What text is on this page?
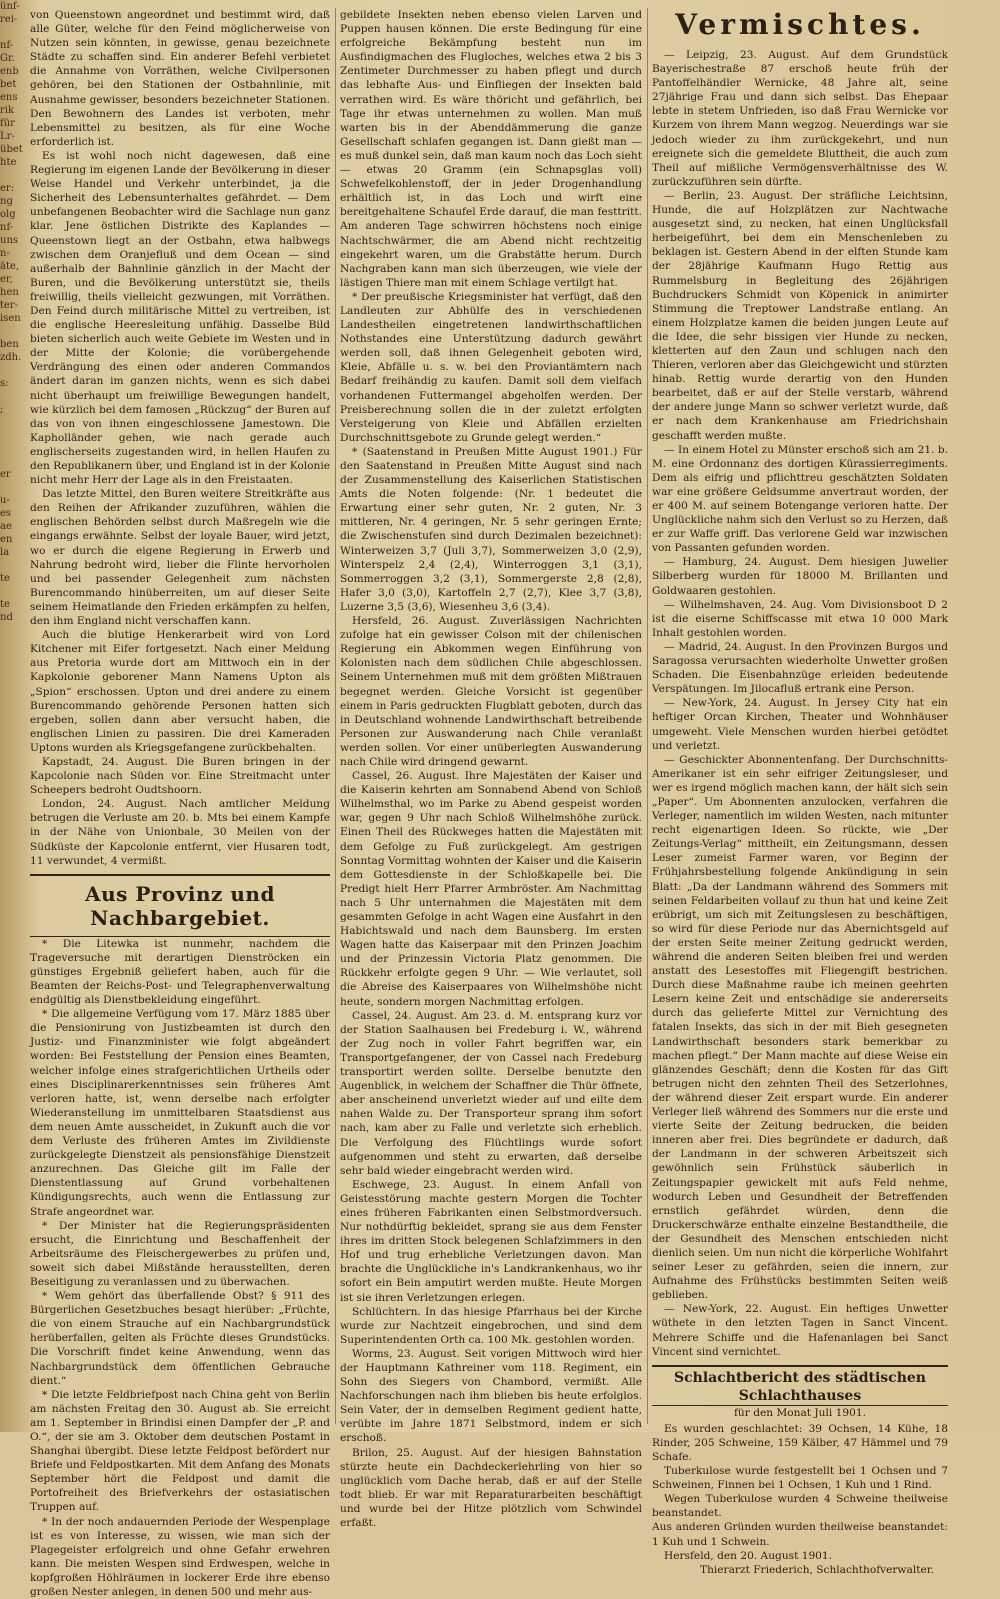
ünf-
rei-

nf-
Gr.
enb
bet
ens
rik
für
Lr-
übet
hte

er:
ng
olg
nf-
uns
n-
äte,
er,
hen
ter-
isen

ben
zdh.

s:

;

er

u-
es
ae
en
la

te

te
nd

von Queenstown angeordnet und bestimmt wird, daß alle Güter, welche für den Feind möglicherweise von Nutzen sein könnten, in gewisse, genau bezeichnete Städte zu schaffen sind. Ein anderer Befehl verbietet die Annahme von Vorräthen, welche Civilpersonen gehören, bei den Stationen der Ostbahnlinie, mit Ausnahme gewisser, besonders bezeichneter Stationen. Den Bewohnern des Landes ist verboten, mehr Lebensmittel zu besitzen, als für eine Woche erforderlich ist.

Es ist wohl noch nicht dagewesen, daß eine Regierung im eigenen Lande der Bevölkerung in dieser Weise Handel und Verkehr unterbindet, ja die Sicherheit des Lebensunterhaltes gefährdet. — Dem unbefangenen Beobachter wird die Sachlage nun ganz klar. Jene östlichen Distrikte des Kaplandes — Queenstown liegt an der Ostbahn, etwa halbwegs zwischen dem Oranjefluß und dem Ocean — sind außerhalb der Bahnlinie gänzlich in der Macht der Buren, und die Bevölkerung unterstützt sie, theils freiwillig, theils vielleicht gezwungen, mit Vorräthen. Den Feind durch militärische Mittel zu vertreiben, ist die englische Heeresleitung unfähig. Dasselbe Bild bieten sicherlich auch weite Gebiete im Westen und in der Mitte der Kolonie; die vorübergehende Verdrängung des einen oder anderen Commandos ändert daran im ganzen nichts, wenn es sich dabei nicht überhaupt um freiwillige Bewegungen handelt, wie kürzlich bei dem famosen „Rückzug“ der Buren auf das von von ihnen eingeschlossene Jamestown. Die Kapholländer gehen, wie nach gerade auch englischerseits zugestanden wird, in hellen Haufen zu den Republikanern über, und England ist in der Kolonie nicht mehr Herr der Lage als in den Freistaaten.

Das letzte Mittel, den Buren weitere Streitkräfte aus den Reihen der Afrikander zuzuführen, wählen die englischen Behörden selbst durch Maßregeln wie die eingangs erwähnte. Selbst der loyale Bauer, wird jetzt, wo er durch die eigene Regierung in Erwerb und Nahrung bedroht wird, lieber die Flinte hervorholen und bei passender Gelegenheit zum nächsten Burencommando hinüberreiten, um auf dieser Seite seinem Heimatlande den Frieden erkämpfen zu helfen, den ihm England nicht verschaffen kann.

Auch die blutige Henkerarbeit wird von Lord Kitchener mit Eifer fortgesetzt. Nach einer Meldung aus Pretoria wurde dort am Mittwoch ein in der Kapkolonie geborener Mann Namens Upton als „Spion“ erschossen. Upton und drei andere zu einem Burencommando gehörende Personen hatten sich ergeben, sollen dann aber versucht haben, die englischen Linien zu passiren. Die drei Kameraden Uptons wurden als Kriegsgefangene zurückbehalten.

Kapstadt, 24. August. Die Buren bringen in der Kapcolonie nach Süden vor. Eine Streitmacht unter Scheepers bedroht Oudtshoorn.

London, 24. August. Nach amtlicher Meldung betrugen die Verluste am 20. b. Mts bei einem Kampfe in der Nähe von Unionbale, 30 Meilen von der Südküste der Kapcolonie entfernt, vier Husaren todt, 11 verwundet, 4 vermißt.

Aus Provinz und Nachbargebiet.

* Die Litewka ist nunmehr, nachdem die Trageversuche mit derartigen Dienströcken ein günstiges Ergebniß geliefert haben, auch für die Beamten der Reichs-Post- und Telegraphenverwaltung endgültig als Dienstbekleidung eingeführt.

* Die allgemeine Verfügung vom 17. März 1885 über die Pensionirung von Justizbeamten ist durch den Justiz- und Finanzminister wie folgt abgeändert worden: Bei Feststellung der Pension eines Beamten, welcher infolge eines strafgerichtlichen Urtheils oder eines Disciplinarerkenntnisses sein früheres Amt verloren hatte, ist, wenn derselbe nach erfolgter Wiederanstellung im unmittelbaren Staatsdienst aus dem neuen Amte ausscheidet, in Zukunft auch die vor dem Verluste des früheren Amtes im Zivildienste zurückgelegte Dienstzeit als pensionsfähige Dienstzeit anzurechnen. Das Gleiche gilt im Falle der Dienstentlassung auf Grund vorbehaltenen Kündigungsrechts, auch wenn die Entlassung zur Strafe angeordnet war.

* Der Minister hat die Regierungspräsidenten ersucht, die Einrichtung und Beschaffenheit der Arbeitsräume des Fleischergewerbes zu prüfen und, soweit sich dabei Mißstände herausstellten, deren Beseitigung zu veranlassen und zu überwachen.

* Wem gehört das überfallende Obst? § 911 des Bürgerlichen Gesetzbuches besagt hierüber: „Früchte, die von einem Strauche auf ein Nachbargrundstück herüberfallen, gelten als Früchte dieses Grundstücks. Die Vorschrift findet keine Anwendung, wenn das Nachbargrundstück dem öffentlichen Gebrauche dient.“

* Die letzte Feldbriefpost nach China geht von Berlin am nächsten Freitag den 30. August ab. Sie erreicht am 1. September in Brindisi einen Dampfer der „P. and O.“, der sie am 3. Oktober dem deutschen Postamt in Shanghai übergibt. Diese letzte Feldpost befördert nur Briefe und Feldpostkarten. Mit dem Anfang des Monats September hört die Feldpost und damit die Portofreiheit des Briefverkehrs der ostasiatischen Truppen auf.

* In der noch andauernden Periode der Wespenplage ist es von Interesse, zu wissen, wie man sich der Plagegeister erfolgreich und ohne Gefahr erwehren kann. Die meisten Wespen sind Erdwespen, welche in kopfgroßen Höhlräumen in lockerer Erde ihre ebenso großen Nester anlegen, in denen 500 und mehr aus-

gebildete Insekten neben ebenso vielen Larven und Puppen hausen können. Die erste Bedingung für eine erfolgreiche Bekämpfung besteht nun im Ausfindigmachen des Flugloches, welches etwa 2 bis 3 Zentimeter Durchmesser zu haben pflegt und durch das lebhafte Aus- und Einfliegen der Insekten bald verrathen wird. Es wäre thöricht und gefährlich, bei Tage ihr etwas unternehmen zu wollen. Man muß warten bis in der Abenddämmerung die ganze Gesellschaft schlafen gegangen ist. Dann gießt man — es muß dunkel sein, daß man kaum noch das Loch sieht — etwas 20 Gramm (ein Schnapsglas voll) Schwefelkohlenstoff, der in jeder Drogenhandlung erhältlich ist, in das Loch und wirft eine bereitgehaltene Schaufel Erde darauf, die man festtritt. Am anderen Tage schwirren höchstens noch einige Nachtschwärmer, die am Abend nicht rechtzeitig eingekehrt waren, um die Grabstätte herum. Durch Nachgraben kann man sich überzeugen, wie viele der lästigen Thiere man mit einem Schlage vertilgt hat.

* Der preußische Kriegsminister hat verfügt, daß den Landleuten zur Abhülfe des in verschiedenen Landestheilen eingetretenen landwirthschaftlichen Nothstandes eine Unterstützung dadurch gewährt werden soll, daß ihnen Gelegenheit geboten wird, Kleie, Abfälle u. s. w. bei den Proviantämtern nach Bedarf freihändig zu kaufen. Damit soll dem vielfach vorhandenen Futtermangel abgeholfen werden. Der Preisberechnung sollen die in der zuletzt erfolgten Versteigerung von Kleie und Abfällen erzielten Durchschnittsgebote zu Grunde gelegt werden.“

* (Saatenstand in Preußen Mitte August 1901.) Für den Saatenstand in Preußen Mitte August sind nach der Zusammenstellung des Kaiserlichen Statistischen Amts die Noten folgende: (Nr. 1 bedeutet die Erwartung einer sehr guten, Nr. 2 guten, Nr. 3 mittleren, Nr. 4 geringen, Nr. 5 sehr geringen Ernte; die Zwischenstufen sind durch Dezimalen bezeichnet): Winterweizen 3,7 (Juli 3,7), Sommerweizen 3,0 (2,9), Winterspelz 2,4 (2,4), Winterroggen 3,1 (3,1), Sommerroggen 3,2 (3,1), Sommergerste 2,8 (2,8), Hafer 3,0 (3,0), Kartoffeln 2,7 (2,7), Klee 3,7 (3,8), Luzerne 3,5 (3,6), Wiesenheu 3,6 (3,4).

Hersfeld, 26. August. Zuverlässigen Nachrichten zufolge hat ein gewisser Colson mit der chilenischen Regierung ein Abkommen wegen Einführung von Kolonisten nach dem südlichen Chile abgeschlossen. Seinem Unternehmen muß mit dem größten Mißtrauen begegnet werden. Gleiche Vorsicht ist gegenüber einem in Paris gedruckten Flugblatt geboten, durch das in Deutschland wohnende Landwirthschaft betreibende Personen zur Auswanderung nach Chile veranlaßt werden sollen. Vor einer unüberlegten Auswanderung nach Chile wird dringend gewarnt.

Cassel, 26. August. Ihre Majestäten der Kaiser und die Kaiserin kehrten am Sonnabend Abend von Schloß Wilhelmsthal, wo im Parke zu Abend gespeist worden war, gegen 9 Uhr nach Schloß Wilhelmshöhe zurück. Einen Theil des Rückweges hatten die Majestäten mit dem Gefolge zu Fuß zurückgelegt. Am gestrigen Sonntag Vormittag wohnten der Kaiser und die Kaiserin dem Gottesdienste in der Schloßkapelle bei. Die Predigt hielt Herr Pfarrer Armbröster. Am Nachmittag nach 5 Uhr unternahmen die Majestäten mit dem gesammten Gefolge in acht Wagen eine Ausfahrt in den Habichtswald und nach dem Baunsberg. Im ersten Wagen hatte das Kaiserpaar mit den Prinzen Joachim und der Prinzessin Victoria Platz genommen. Die Rückkehr erfolgte gegen 9 Uhr. — Wie verlautet, soll die Abreise des Kaiserpaares von Wilhelmshöhe nicht heute, sondern morgen Nachmittag erfolgen.

Cassel, 24. August. Am 23. d. M. entsprang kurz vor der Station Saalhausen bei Fredeburg i. W., während der Zug noch in voller Fahrt begriffen war, ein Transportgefangener, der von Cassel nach Fredeburg transportirt werden sollte. Derselbe benutzte den Augenblick, in welchem der Schaffner die Thür öffnete, aber anscheinend unverletzt wieder auf und eilte dem nahen Walde zu. Der Transporteur sprang ihm sofort nach, kam aber zu Falle und verletzte sich erheblich. Die Verfolgung des Flüchtlings wurde sofort aufgenommen und steht zu erwarten, daß derselbe sehr bald wieder eingebracht werden wird.

Eschwege, 23. August. In einem Anfall von Geistesstörung machte gestern Morgen die Tochter eines früheren Fabrikanten einen Selbstmordversuch. Nur nothdürftig bekleidet, sprang sie aus dem Fenster ihres im dritten Stock belegenen Schlafzimmers in den Hof und trug erhebliche Verletzungen davon. Man brachte die Unglückliche in's Landkrankenhaus, wo ihr sofort ein Bein amputirt werden mußte. Heute Morgen ist sie ihren Verletzungen erlegen.

Schlüchtern. In das hiesige Pfarrhaus bei der Kirche wurde zur Nachtzeit eingebrochen, und sind dem Superintendenten Orth ca. 100 Mk. gestohlen worden.

Worms, 23. August. Seit vorigen Mittwoch wird hier der Hauptmann Kathreiner vom 118. Regiment, ein Sohn des Siegers von Chambord, vermißt. Alle Nachforschungen nach ihm blieben bis heute erfolglos. Sein Vater, der in demselben Regiment gedient hatte, verübte im Jahre 1871 Selbstmord, indem er sich erschoß.

Brilon, 25. August. Auf der hiesigen Bahnstation stürzte heute ein Dachdeckerlehrling von hier so unglücklich vom Dache herab, daß er auf der Stelle todt blieb. Er war mit Reparaturarbeiten beschäftigt und wurde bei der Hitze plötzlich vom Schwindel erfaßt.

Vermischtes.

— Leipzig, 23. August. Auf dem Grundstück Bayerischestraße 87 erschoß heute früh der Pantoffelhändler Wernicke, 48 Jahre alt, seine 27jährige Frau und dann sich selbst. Das Ehepaar lebte in stetem Unfrieden, iso daß Frau Wernicke vor Kurzem von ihrem Mann wegzog. Neuerdings war sie jedoch wieder zu ihm zurückgekehrt, und nun ereignete sich die gemeldete Bluttheit, die auch zum Theil auf mißliche Vermögensverhältnisse des W. zurückzuführen sein dürfte.

— Berlin, 23. August. Der sträfliche Leichtsinn, Hunde, die auf Holzplätzen zur Nachtwache ausgesetzt sind, zu necken, hat einen Unglücksfall herbeigeführt, bei dem ein Menschenleben zu beklagen ist. Gestern Abend in der elften Stunde kam der 28jährige Kaufmann Hugo Rettig aus Rummelsburg in Begleitung des 26jährigen Buchdruckers Schmidt von Köpenick in animirter Stimmung die Treptower Landstraße entlang. An einem Holzplatze kamen die beiden jungen Leute auf die Idee, die sehr bissigen vier Hunde zu necken, kletterten auf den Zaun und schlugen nach den Thieren, verloren aber das Gleichgewicht und stürzten hinab. Rettig wurde derartig von den Hunden bearbeitet, daß er auf der Stelle verstarb, während der andere junge Mann so schwer verletzt wurde, daß er nach dem Krankenhause am Friedrichshain geschafft werden mußte.

— In einem Hotel zu Münster erschoß sich am 21. b. M. eine Ordonnanz des dortigen Kürassierregiments. Dem als eifrig und pflichttreu geschätzten Soldaten war eine größere Geldsumme anvertraut worden, der er 400 M. auf seinem Botengange verloren hatte. Der Unglückliche nahm sich den Verlust so zu Herzen, daß er zur Waffe griff. Das verlorene Geld war inzwischen von Passanten gefunden worden.

— Hamburg, 24. August. Dem hiesigen Juwelier Silberberg wurden für 18000 M. Brillanten und Goldwaaren gestohlen.

— Wilhelmshaven, 24. Aug. Vom Divisionsboot D 2 ist die eiserne Schiffscasse mit etwa 10 000 Mark Inhalt gestohlen worden.

— Madrid, 24. August. In den Provinzen Burgos und Saragossa verursachten wiederholte Unwetter großen Schaden. Die Eisenbahnzüge erleiden bedeutende Verspätungen. Im Jilocafluß ertrank eine Person.

— New-York, 24. August. In Jersey City hat ein heftiger Orcan Kirchen, Theater und Wohnhäuser umgeweht. Viele Menschen wurden hierbei getödtet und verletzt.

— Geschickter Abonnentenfang. Der Durchschnitts-Amerikaner ist ein sehr eifriger Zeitungsleser, und wer es irgend möglich machen kann, der hält sich sein „Paper“. Um Abonnenten anzulocken, verfahren die Verleger, namentlich im wilden Westen, nach mitunter recht eigenartigen Ideen. So rückte, wie „Der Zeitungs-Verlag“ mittheilt, ein Zeitungsmann, dessen Leser zumeist Farmer waren, vor Beginn der Frühjahrsbestellung folgende Ankündigung in sein Blatt: „Da der Landmann während des Sommers mit seinen Feldarbeiten vollauf zu thun hat und keine Zeit erübrigt, um sich mit Zeitungslesen zu beschäftigen, so wird für diese Periode nur das Abernichtsgeld auf der ersten Seite meiner Zeitung gedruckt werden, während die anderen Seiten bleiben frei und werden anstatt des Lesestoffes mit Fliegengift bestrichen. Durch diese Maßnahme raube ich meinen geehrten Lesern keine Zeit und entschädige sie andererseits durch das gelieferte Mittel zur Vernichtung des fatalen Insekts, das sich in der mit Bieh gesegneten Landwirthschaft besonders stark bemerkbar zu machen pflegt.“ Der Mann machte auf diese Weise ein glänzendes Geschäft; denn die Kosten für das Gift betrugen nicht den zehnten Theil des Setzerlohnes, der während dieser Zeit erspart wurde. Ein anderer Verleger ließ während des Sommers nur die erste und vierte Seite der Zeitung bedrucken, die beiden inneren aber frei. Dies begründete er dadurch, daß der Landmann in der schweren Arbeitszeit sich gewöhnlich sein Frühstück säuberlich in Zeitungspapier gewickelt mit aufs Feld nehme, wodurch Leben und Gesundheit der Betreffenden ernstlich gefährdet würden, denn die Druckerschwärze enthalte einzelne Bestandtheile, die der Gesundheit des Menschen entschieden nicht dienlich seien. Um nun nicht die körperliche Wohlfahrt seiner Leser zu gefährden, seien die innern, zur Aufnahme des Frühstücks bestimmten Seiten weiß geblieben.

— New-York, 22. August. Ein heftiges Unwetter wüthete in den letzten Tagen in Sanct Vincent. Mehrere Schiffe und die Hafenanlagen bei Sanct Vincent sind vernichtet.

Schlachtbericht des städtischen Schlachthauses
für den Monat Juli 1901.

Es wurden geschlachtet: 39 Ochsen, 14 Kühe, 18 Rinder, 205 Schweine, 159 Kälber, 47 Hämmel und 79 Schafe.

Tuberkulose wurde festgestellt bei 1 Ochsen und 7 Schweinen, Finnen bei 1 Ochsen, 1 Kuh und 1 Rind.

Wegen Tuberkulose wurden 4 Schweine theilweise beanstandet.

Aus anderen Gründen wurden theilweise beanstandet: 1 Kuh und 1 Schwein.

Hersfeld, den 20. August 1901.

Thierarzt Friederich, Schlachthofverwalter.
